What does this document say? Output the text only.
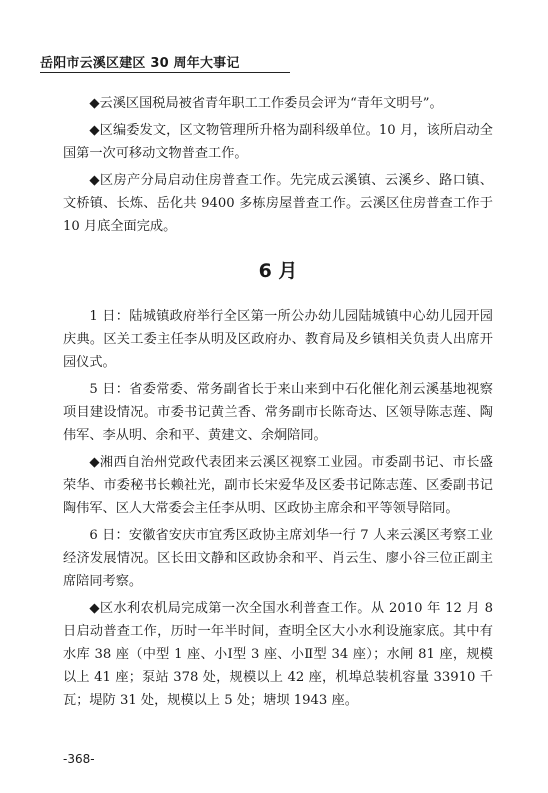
岳阳市云溪区建区 30 周年大事记

◆云溪区国税局被省青年职工工作委员会评为“青年文明号”。

◆区编委发文，区文物管理所升格为副科级单位。10 月，该所启动全国第一次可移动文物普查工作。

◆区房产分局启动住房普查工作。先完成云溪镇、云溪乡、路口镇、文桥镇、长炼、岳化共 9400 多栋房屋普查工作。云溪区住房普查工作于 10 月底全面完成。

6 月

1 日：陆城镇政府举行全区第一所公办幼儿园陆城镇中心幼儿园开园庆典。区关工委主任李从明及区政府办、教育局及乡镇相关负责人出席开园仪式。

5 日：省委常委、常务副省长于来山来到中石化催化剂云溪基地视察项目建设情况。市委书记黄兰香、常务副市长陈奇达、区领导陈志莲、陶伟军、李从明、余和平、黄建文、余炯陪同。

◆湘西自治州党政代表团来云溪区视察工业园。市委副书记、市长盛荣华、市委秘书长赖社光，副市长宋爱华及区委书记陈志莲、区委副书记陶伟军、区人大常委会主任李从明、区政协主席余和平等领导陪同。

6 日：安徽省安庆市宜秀区政协主席刘华一行 7 人来云溪区考察工业经济发展情况。区长田文静和区政协余和平、肖云生、廖小谷三位正副主席陪同考察。

◆区水利农机局完成第一次全国水利普查工作。从 2010 年 12 月 8 日启动普查工作，历时一年半时间，查明全区大小水利设施家底。其中有水库 38 座（中型 1 座、小Ⅰ型 3 座、小Ⅱ型 34 座）；水闸 81 座，规模以上 41 座；泵站 378 处，规模以上 42 座，机埠总装机容量 33910 千瓦；堤防 31 处，规模以上 5 处；塘坝 1943 座。

-368-
